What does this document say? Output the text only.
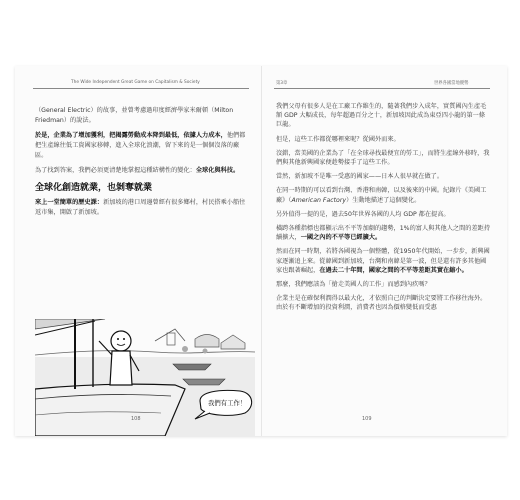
The Wide Independent Great Game on Capitalism & Society

（General Electric）的故事，並曾考慮過印度經濟學家米爾頓（Milton Friedman）的說法。

於是，企業為了增加獲利，把揭露勞動成本降到最低，依據人力成本，他們都把生產線往低工資國家移轉，進入全球化浪潮，留下來的是一個個沒落的廠區。

為了找到答案，我們必須更清楚地掌握這種結構性的變化：全球化與科技。

全球化創造就業，也剝奪就業

來上一堂簡單的歷史課：新加坡的港口周邊曾經有很多鄉村，村民搭乘小船往返市集，開啟了新加坡。

我們有工作！
108
第3章	世界各國當地優勢

我們父母有很多人是在工廠工作維生的，隨著我們步入成年，實質國內生產毛額 GDP 大幅成長，每年超過百分之十，新加坡因此成為東亞四小龍的第一條巨龍。

但是，這些工作都從哪裡來呢？從國外而來。

沒錯，當美國的企業為了「在全球尋找最便宜的勞工」，而將生產線外移時，我們與其他新興國家便趁勢接手了這些工作。

當然，新加坡不是唯一受惠的國家——日本人很早就在做了。

在同一時期的可以看到台灣、香港和南韓，以及後來的中國。紀錄片《美國工廠》（American Factory）生動地描述了這個變化。

另外值得一提的是，過去50年世界各國的人均 GDP 都在提高。

橫跨各種指標也都顯示出不平等加劇的趨勢，1%的富人與其他人之間的差距持續擴大，一國之內的不平等已經擴大。

然而在同一時期，若將各國視為一個整體，從1950年代開始，一步步，新興國家逐漸追上來。從韓國到新加坡，台灣和南韓是第一波，但是還有許多其他國家也跟著崛起，在過去二十年間，國家之間的不平等差距其實在縮小。

那麼，我們應該為「搶走美國人的工作」而感到內疚嗎？

企業主是在確保利潤得以最大化，才依照自己的判斷決定要將工作移往海外。由於有不斷增加的投資利潤，消費者也因為價格變低而受惠

109
